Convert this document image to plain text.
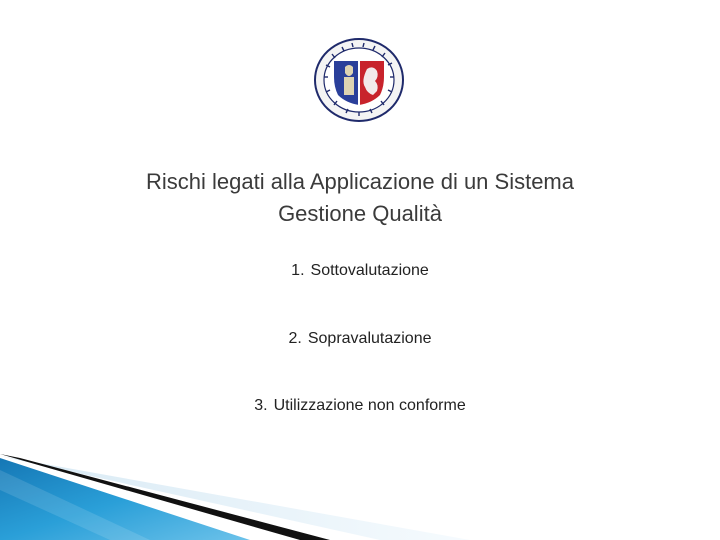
Rischi legati alla Applicazione di un Sistema
Gestione Qualità
1. Sottovalutazione
2. Sopravalutazione
3. Utilizzazione non conforme
